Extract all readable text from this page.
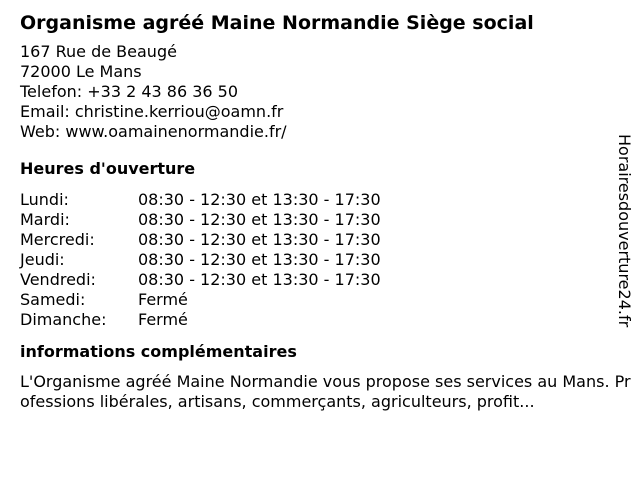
Organisme agréé Maine Normandie Siège social
167 Rue de Beaugé
72000 Le Mans
Telefon: +33 2 43 86 36 50
Email: christine.kerriou@oamn.fr
Web: www.oamainenormandie.fr/
Heures d'ouverture
Lundi:	08:30 - 12:30 et 13:30 - 17:30
Mardi:	08:30 - 12:30 et 13:30 - 17:30
Mercredi:	08:30 - 12:30 et 13:30 - 17:30
Jeudi:	08:30 - 12:30 et 13:30 - 17:30
Vendredi:	08:30 - 12:30 et 13:30 - 17:30
Samedi:	Fermé
Dimanche:	Fermé
informations complémentaires
L'Organisme agréé Maine Normandie vous propose ses services au Mans. Professions libérales, artisans, commerçants, agriculteurs, profit...
Horairesdouverture24.fr
